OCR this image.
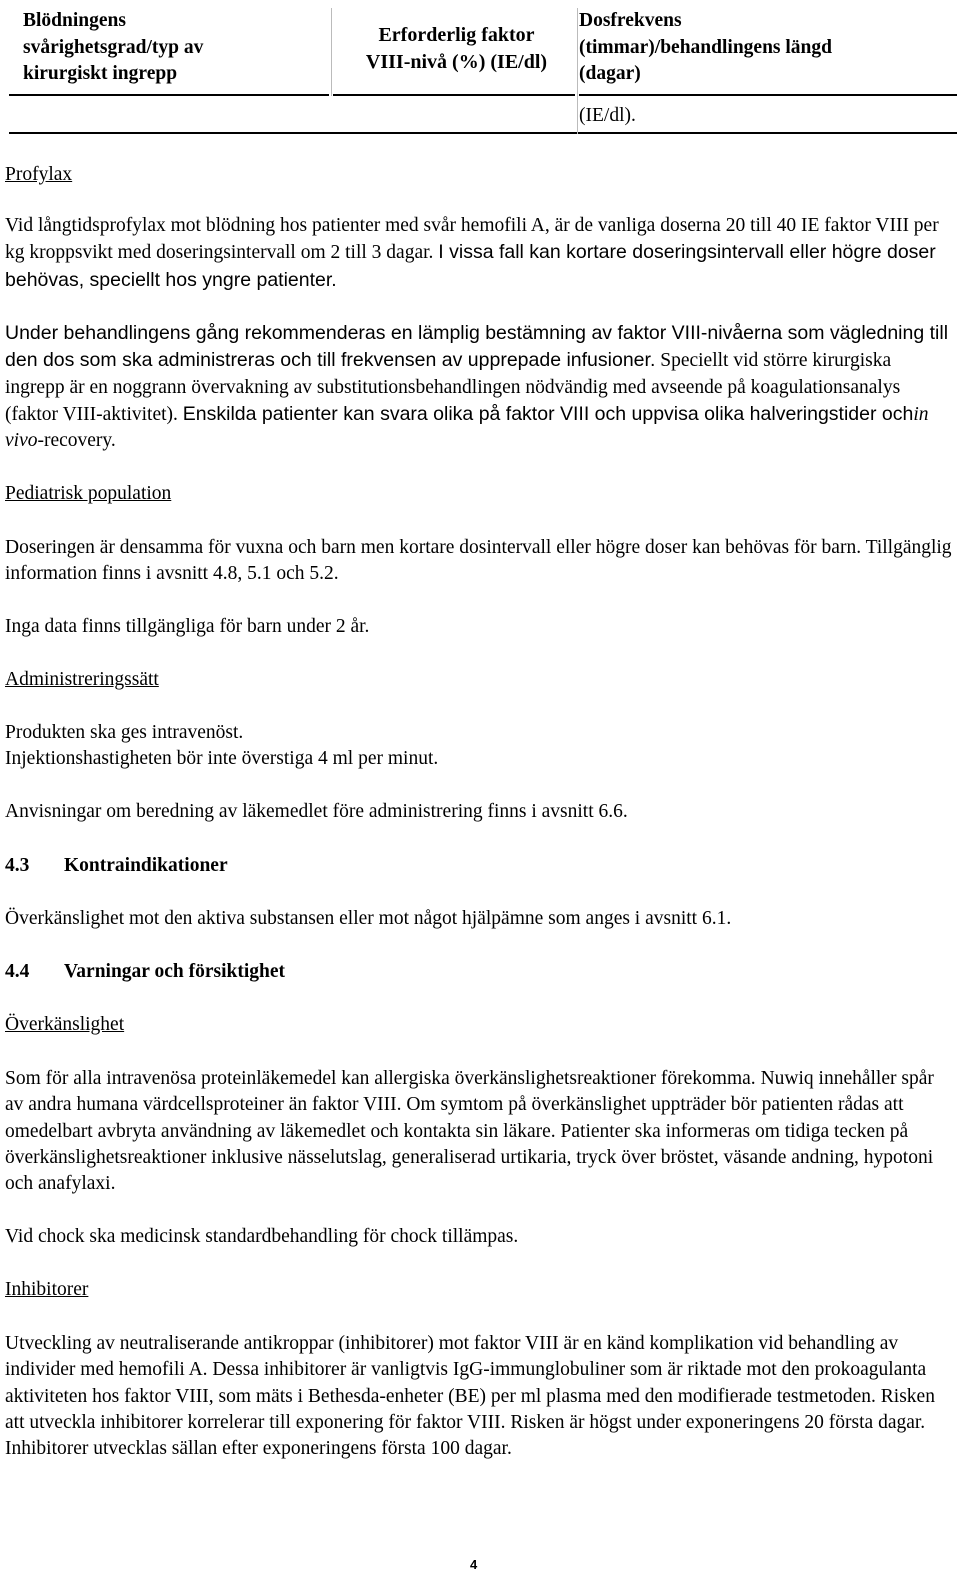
Blödningens
svårighetsgrad/typ av
kirurgiskt ingrepp
Erforderlig faktor
VIII-nivå (%) (IE/dl)
Dosfrekvens
(timmar)/behandlingens längd
(dagar)
(IE/dl).
Profylax
Vid långtidsprofylax mot blödning hos patienter med svår hemofili A, är de vanliga doserna 20 till 40 IE faktor VIII per kg kroppsvikt med doseringsintervall om 2 till 3 dagar. I vissa fall kan kortare doseringsintervall eller högre doser behövas, speciellt hos yngre patienter.
Under behandlingens gång rekommenderas en lämplig bestämning av faktor VIII-nivåerna som vägledning till den dos som ska administreras och till frekvensen av upprepade infusioner. Speciellt vid större kirurgiska ingrepp är en noggrann övervakning av substitutionsbehandlingen nödvändig med avseende på koagulationsanalys (faktor VIII-aktivitet). Enskilda patienter kan svara olika på faktor VIII och uppvisa olika halveringstider ochin vivo-recovery.
Pediatrisk population
Doseringen är densamma för vuxna och barn men kortare dosintervall eller högre doser kan behövas för barn. Tillgänglig information finns i avsnitt 4.8, 5.1 och 5.2.
Inga data finns tillgängliga för barn under 2 år.
Administreringssätt
Produkten ska ges intravenöst.
Injektionshastigheten bör inte överstiga 4 ml per minut.
Anvisningar om beredning av läkemedlet före administrering finns i avsnitt 6.6.
4.3 Kontraindikationer
Överkänslighet mot den aktiva substansen eller mot något hjälpämne som anges i avsnitt 6.1.
4.4 Varningar och försiktighet
Överkänslighet
Som för alla intravenösa proteinläkemedel kan allergiska överkänslighetsreaktioner förekomma. Nuwiq innehåller spår av andra humana värdcellsproteiner än faktor VIII. Om symtom på överkänslighet uppträder bör patienten rådas att omedelbart avbryta användning av läkemedlet och kontakta sin läkare. Patienter ska informeras om tidiga tecken på överkänslighetsreaktioner inklusive nässelutslag, generaliserad urtikaria, tryck över bröstet, väsande andning, hypotoni och anafylaxi.
Vid chock ska medicinsk standardbehandling för chock tillämpas.
Inhibitorer
Utveckling av neutraliserande antikroppar (inhibitorer) mot faktor VIII är en känd komplikation vid behandling av individer med hemofili A. Dessa inhibitorer är vanligtvis IgG-immunglobuliner som är riktade mot den prokoagulanta aktiviteten hos faktor VIII, som mäts i Bethesda-enheter (BE) per ml plasma med den modifierade testmetoden. Risken att utveckla inhibitorer korrelerar till exponering för faktor VIII. Risken är högst under exponeringens 20 första dagar. Inhibitorer utvecklas sällan efter exponeringens första 100 dagar.
4
